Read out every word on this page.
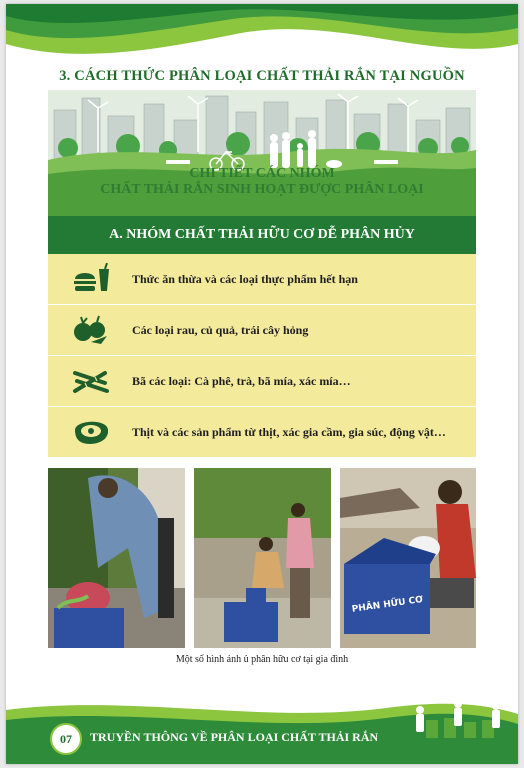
3. CÁCH THỨC PHÂN LOẠI CHẤT THẢI RẮN TẠI NGUỒN
CHI TIẾT CÁC NHÓM
CHẤT THẢI RẮN SINH HOẠT ĐƯỢC PHÂN LOẠI
A. NHÓM CHẤT THẢI HỮU CƠ DỄ PHÂN HỦY
Thức ăn thừa và các loại thực phẩm hết hạn
Các loại rau, củ quả, trái cây hỏng
Bã các loại: Cà phê, trà, bã mía, xác mía…
Thịt và các sản phẩm từ thịt, xác gia cầm, gia súc, động vật…
PHÂN HỮU CƠ
Một số hình ảnh ủ phân hữu cơ tại gia đình
07	TRUYỀN THÔNG VỀ PHÂN LOẠI CHẤT THẢI RẮN
